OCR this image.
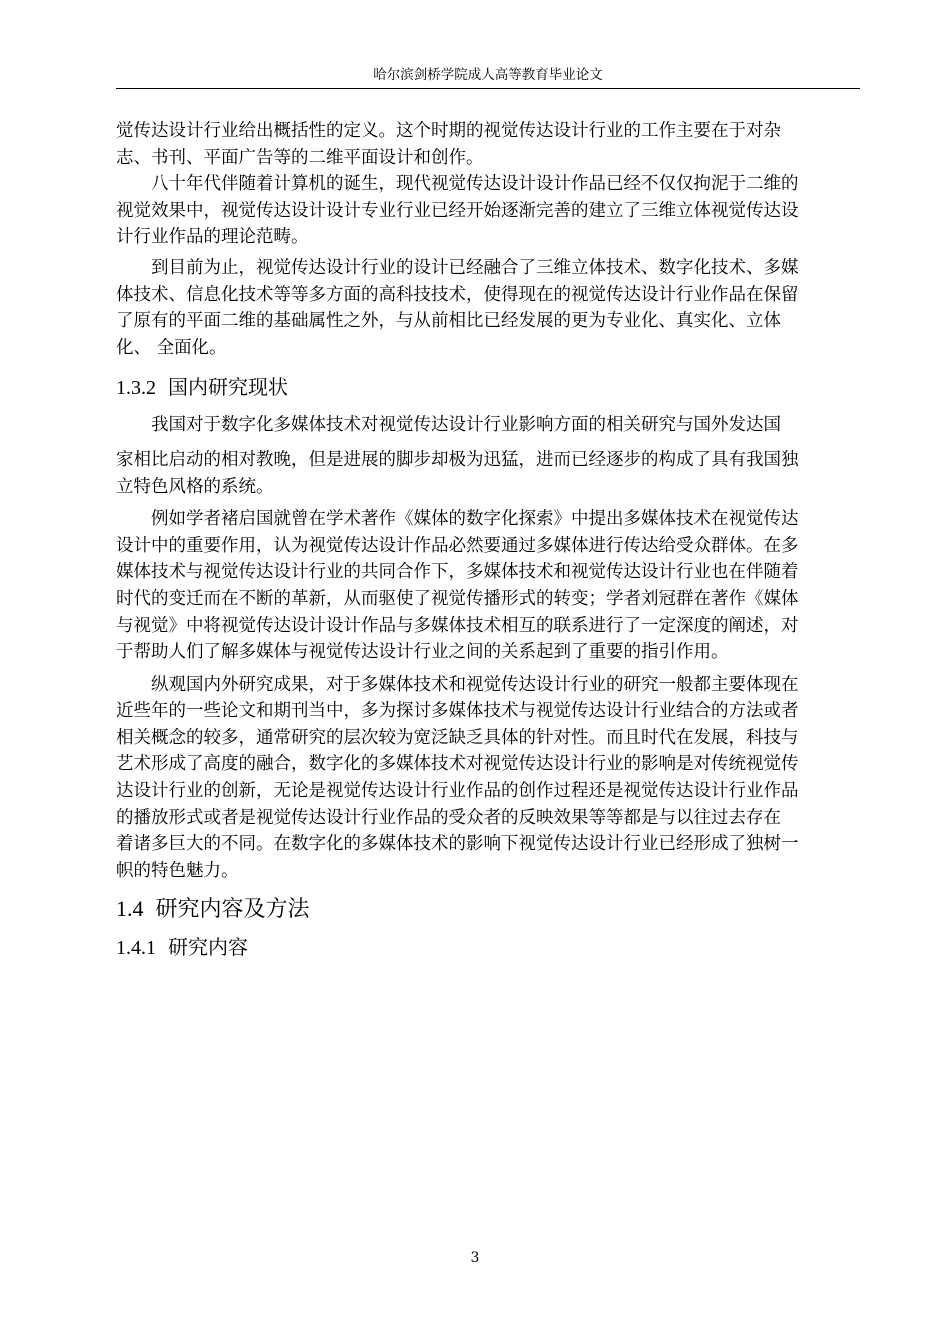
哈尔滨剑桥学院成人高等教育毕业论文

觉传达设计行业给出概括性的定义。这个时期的视觉传达设计行业的工作主要在于对杂
志、书刊、平面广告等的二维平面设计和创作。

八十年代伴随着计算机的诞生，现代视觉传达设计设计作品已经不仅仅拘泥于二维的
视觉效果中，视觉传达设计设计专业行业已经开始逐渐完善的建立了三维立体视觉传达设
计行业作品的理论范畴。

到目前为止，视觉传达设计行业的设计已经融合了三维立体技术、数字化技术、多媒
体技术、信息化技术等等多方面的高科技技术，使得现在的视觉传达设计行业作品在保留
了原有的平面二维的基础属性之外，与从前相比已经发展的更为专业化、真实化、立体
化、 全面化。

1.3.2 国内研究现状

我国对于数字化多媒体技术对视觉传达设计行业影响方面的相关研究与国外发达国
家相比启动的相对教晚，但是进展的脚步却极为迅猛，进而已经逐步的构成了具有我国独
立特色风格的系统。

例如学者褚启国就曾在学术著作《媒体的数字化探索》中提出多媒体技术在视觉传达
设计中的重要作用，认为视觉传达设计作品必然要通过多媒体进行传达给受众群体。在多
媒体技术与视觉传达设计行业的共同合作下，多媒体技术和视觉传达设计行业也在伴随着
时代的变迁而在不断的革新，从而驱使了视觉传播形式的转变；学者刘冠群在著作《媒体
与视觉》中将视觉传达设计设计作品与多媒体技术相互的联系进行了一定深度的阐述，对
于帮助人们了解多媒体与视觉传达设计行业之间的关系起到了重要的指引作用。

纵观国内外研究成果，对于多媒体技术和视觉传达设计行业的研究一般都主要体现在
近些年的一些论文和期刊当中，多为探讨多媒体技术与视觉传达设计行业结合的方法或者
相关概念的较多，通常研究的层次较为宽泛缺乏具体的针对性。而且时代在发展，科技与
艺术形成了高度的融合，数字化的多媒体技术对视觉传达设计行业的影响是对传统视觉传
达设计行业的创新，无论是视觉传达设计行业作品的创作过程还是视觉传达设计行业作品
的播放形式或者是视觉传达设计行业作品的受众者的反映效果等等都是与以往过去存在
着诸多巨大的不同。在数字化的多媒体技术的影响下视觉传达设计行业已经形成了独树一
帜的特色魅力。

1.4 研究内容及方法
1.4.1 研究内容
3
